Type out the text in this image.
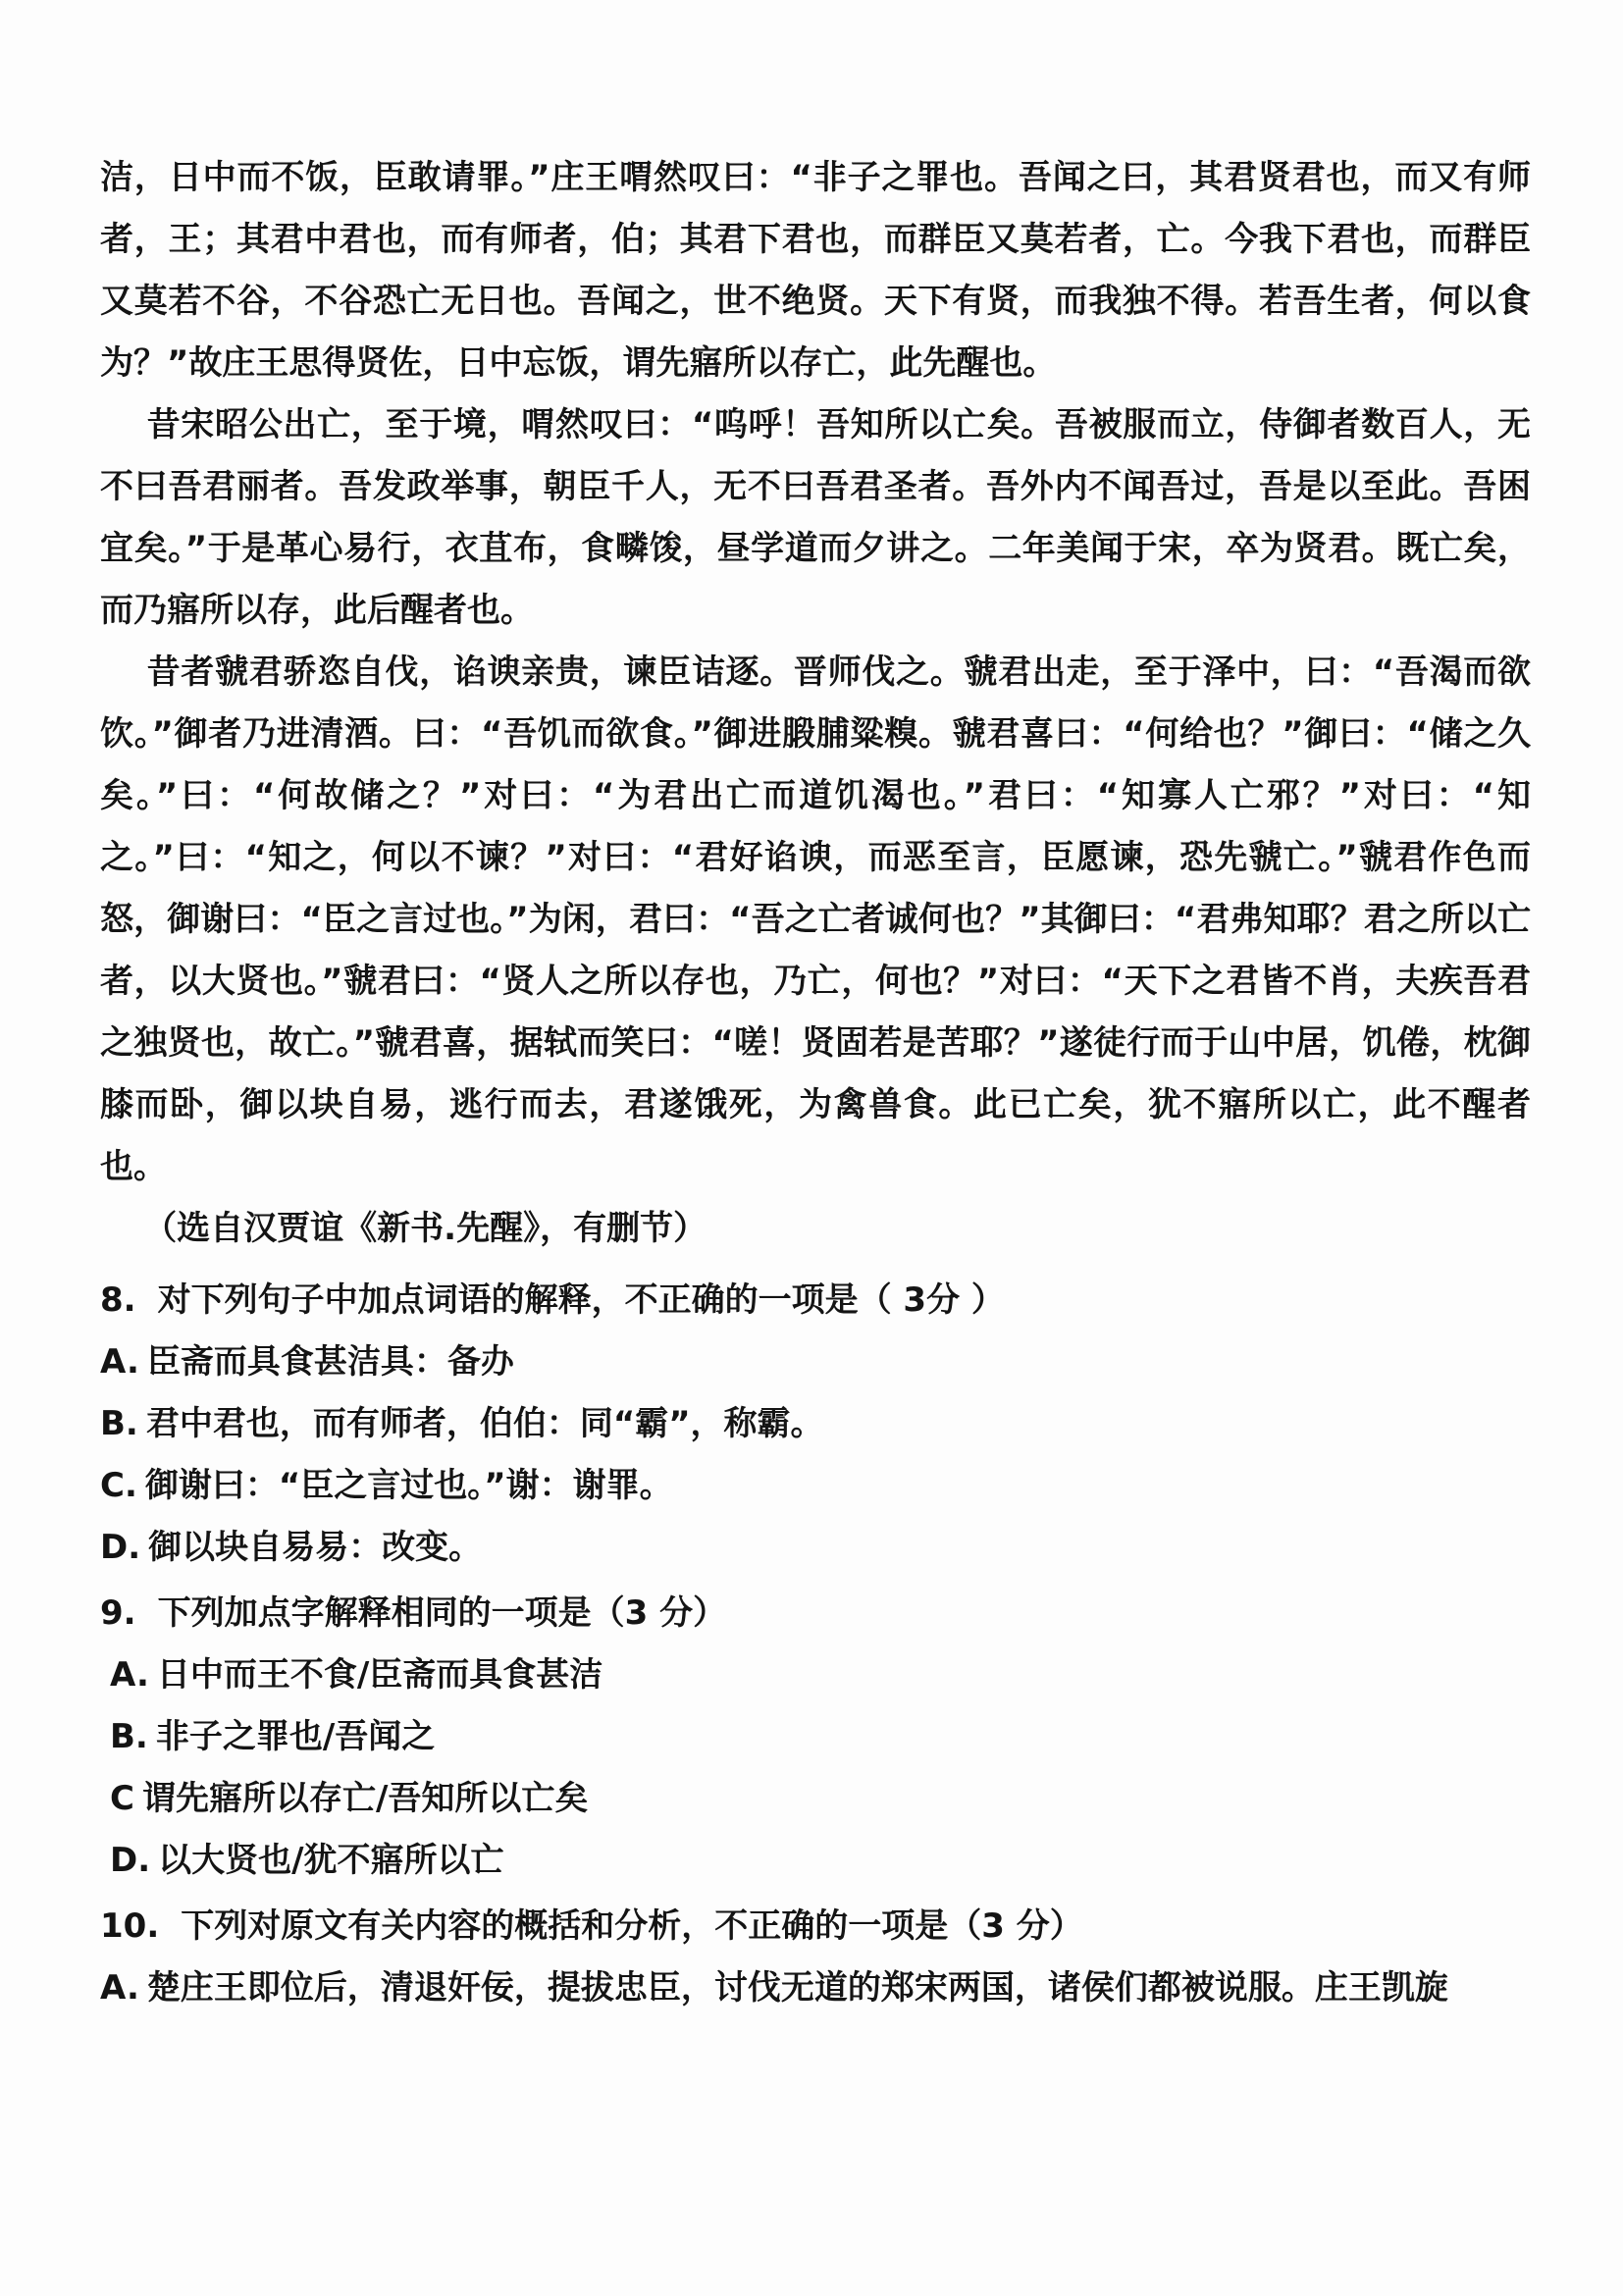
洁，日中而不饭，臣敢请罪。”庄王喟然叹曰：“非子之罪也。吾闻之曰，其君贤君也，而又有师者，王；其君中君也，而有师者，伯；其君下君也，而群臣又莫若者，亡。今我下君也，而群臣又莫若不谷，不谷恐亡无日也。吾闻之，世不绝贤。天下有贤，而我独不得。若吾生者，何以食为？”故庄王思得贤佐，日中忘饭，谓先寤所以存亡，此先醒也。

昔宋昭公出亡，至于境，喟然叹曰：“呜呼！吾知所以亡矣。吾被服而立，侍御者数百人，无不曰吾君丽者。吾发政举事，朝臣千人，无不曰吾君圣者。吾外内不闻吾过，吾是以至此。吾困宜矣。”于是革心易行，衣苴布，食疄馂，昼学道而夕讲之。二年美闻于宋，卒为贤君。既亡矣，而乃寤所以存，此后醒者也。

昔者虢君骄恣自伐，谄谀亲贵，谏臣诘逐。晋师伐之。虢君出走，至于泽中，曰：“吾渴而欲饮。”御者乃进清酒。曰：“吾饥而欲食。”御进腶脯粱糗。虢君喜曰：“何给也？”御曰：“储之久矣。”曰：“何故储之？”对曰：“为君出亡而道饥渴也。”君曰：“知寡人亡邪？”对曰：“知之。”曰：“知之，何以不谏？”对曰：“君好谄谀，而恶至言，臣愿谏，恐先虢亡。”虢君作色而怒，御谢曰：“臣之言过也。”为闲，君曰：“吾之亡者诚何也？”其御曰：“君弗知耶？君之所以亡者，以大贤也。”虢君曰：“贤人之所以存也，乃亡，何也？”对曰：“天下之君皆不肖，夫疾吾君之独贤也，故亡。”虢君喜，据轼而笑曰：“嗟！贤固若是苦耶？”遂徒行而于山中居，饥倦，枕御膝而卧，御以块自易，逃行而去，君遂饿死，为禽兽食。此已亡矣，犹不寤所以亡，此不醒者也。

（选自汉贾谊《新书.先醒》，有删节）

8. 对下列句子中加点词语的解释，不正确的一项是（ 3分 ）

A. 臣斋而具食甚洁具：备办

B. 君中君也，而有师者，伯伯：同“霸”，称霸。

C. 御谢曰：“臣之言过也。”谢：谢罪。

D. 御以块自易易：改变。

9. 下列加点字解释相同的一项是（3 分）

A. 日中而王不食/臣斋而具食甚洁

B. 非子之罪也/吾闻之

C 谓先寤所以存亡/吾知所以亡矣

D. 以大贤也/犹不寤所以亡

10. 下列对原文有关内容的概括和分析，不正确的一项是（3 分）

A. 楚庄王即位后，清退奸佞，提拔忠臣，讨伐无道的郑宋两国，诸侯们都被说服。庄王凯旋
